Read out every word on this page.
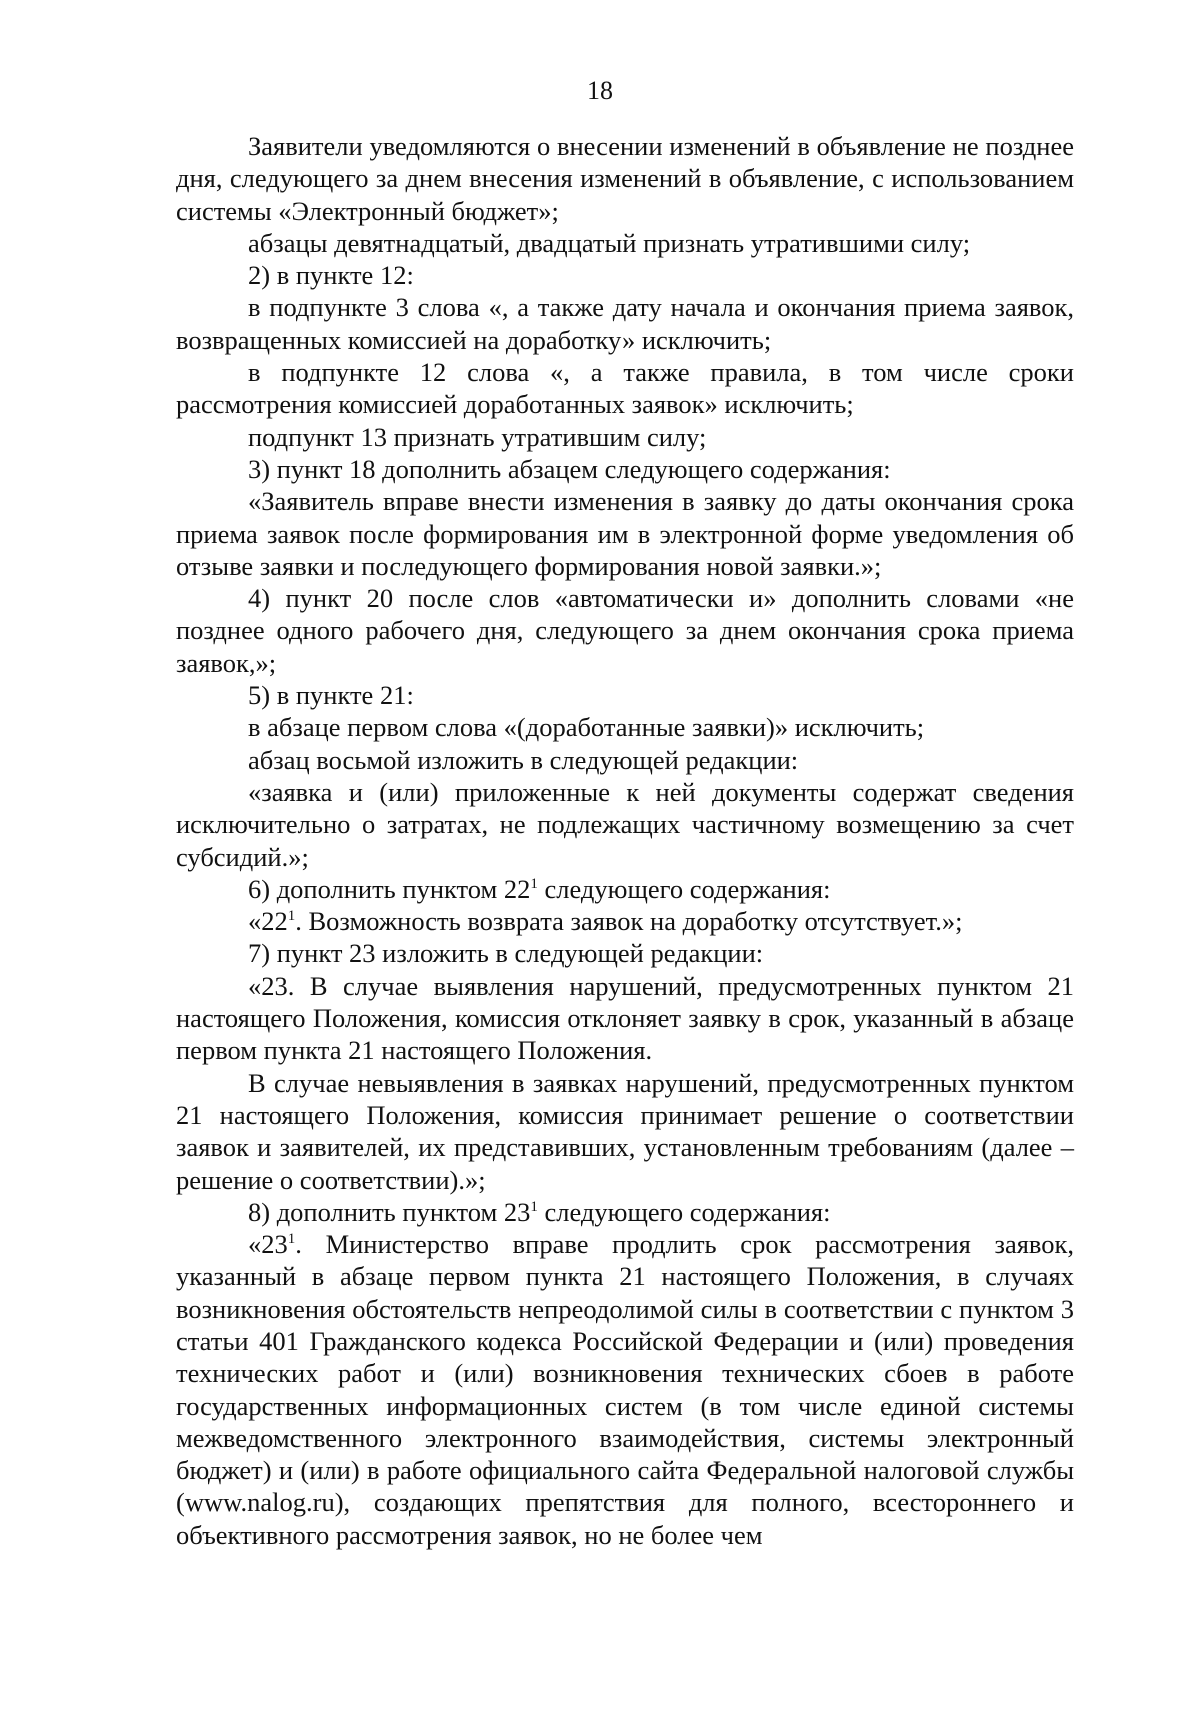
18

Заявители уведомляются о внесении изменений в объявление не позднее дня, следующего за днем внесения изменений в объявление, с использованием системы «Электронный бюджет»;

абзацы девятнадцатый, двадцатый признать утратившими силу;

2) в пункте 12:

в подпункте 3 слова «, а также дату начала и окончания приема заявок, возвращенных комиссией на доработку» исключить;

в подпункте 12 слова «, а также правила, в том числе сроки рассмотрения комиссией доработанных заявок» исключить;

подпункт 13 признать утратившим силу;

3) пункт 18 дополнить абзацем следующего содержания:

«Заявитель вправе внести изменения в заявку до даты окончания срока приема заявок после формирования им в электронной форме уведомления об отзыве заявки и последующего формирования новой заявки.»;

4) пункт 20 после слов «автоматически и» дополнить словами «не позднее одного рабочего дня, следующего за днем окончания срока приема заявок,»;

5) в пункте 21:

в абзаце первом слова «(доработанные заявки)» исключить;

абзац восьмой изложить в следующей редакции:

«заявка и (или) приложенные к ней документы содержат сведения исключительно о затратах, не подлежащих частичному возмещению за счет субсидий.»;

6) дополнить пунктом $22^1$ следующего содержания:

«$22^1$. Возможность возврата заявок на доработку отсутствует.»;

7) пункт 23 изложить в следующей редакции:

«23. В случае выявления нарушений, предусмотренных пунктом 21 настоящего Положения, комиссия отклоняет заявку в срок, указанный в абзаце первом пункта 21 настоящего Положения.

В случае невыявления в заявках нарушений, предусмотренных пунктом 21 настоящего Положения, комиссия принимает решение о соответствии заявок и заявителей, их представивших, установленным требованиям (далее – решение о соответствии).»;

8) дополнить пунктом $23^1$ следующего содержания:

«$23^1$. Министерство вправе продлить срок рассмотрения заявок, указанный в абзаце первом пункта 21 настоящего Положения, в случаях возникновения обстоятельств непреодолимой силы в соответствии с пунктом 3 статьи 401 Гражданского кодекса Российской Федерации и (или) проведения технических работ и (или) возникновения технических сбоев в работе государственных информационных систем (в том числе единой системы межведомственного электронного взаимодействия, системы электронный бюджет) и (или) в работе официального сайта Федеральной налоговой службы (www.nalog.ru), создающих препятствия для полного, всестороннего и объективного рассмотрения заявок, но не более чем
